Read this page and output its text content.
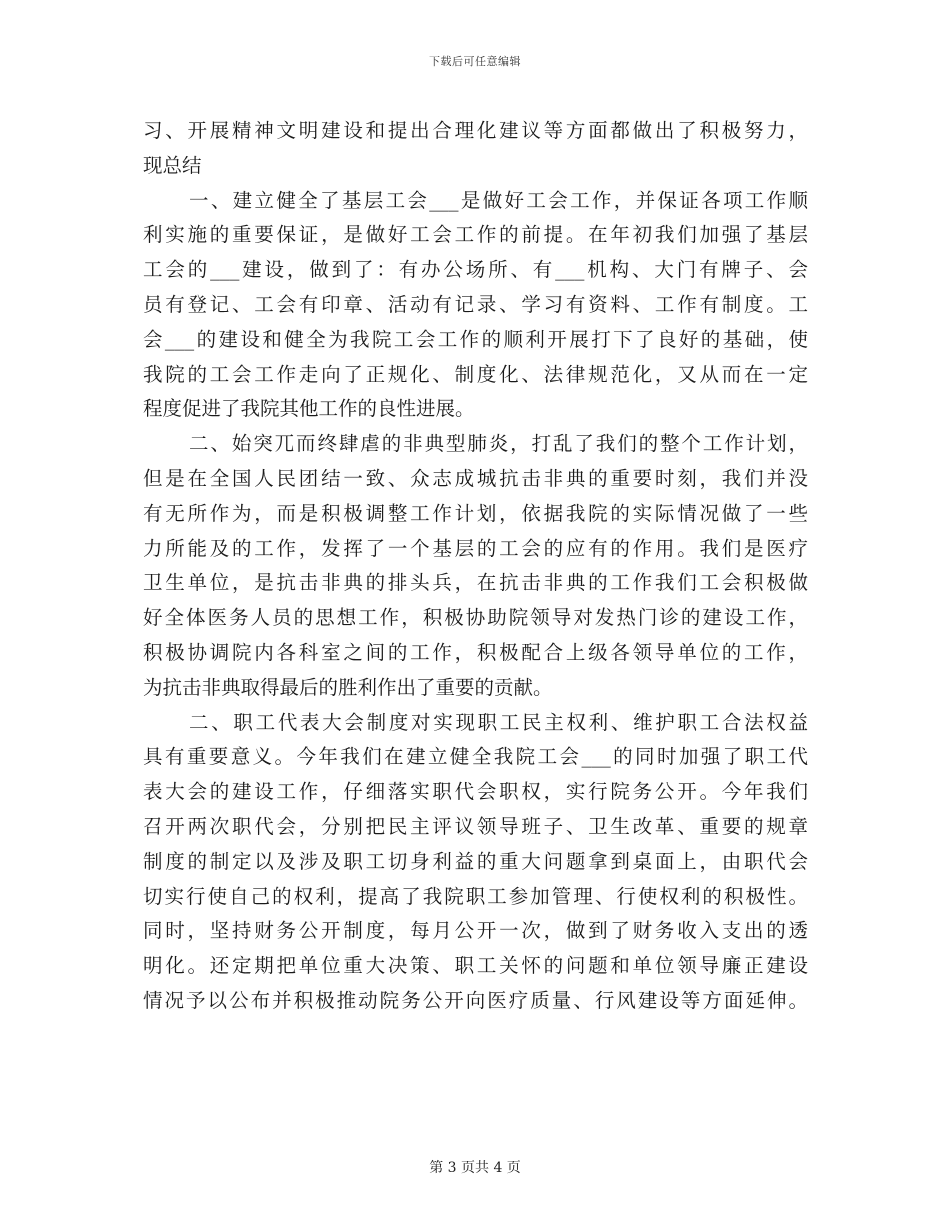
下载后可任意编辑
习、开展精神文明建设和提出合理化建议等方面都做出了积极努力，
现总结
一、建立健全了基层工会___是做好工会工作，并保证各项工作顺
利实施的重要保证，是做好工会工作的前提。在年初我们加强了基层
工会的___建设，做到了：有办公场所、有___机构、大门有牌子、会
员有登记、工会有印章、活动有记录、学习有资料、工作有制度。工
会___的建设和健全为我院工会工作的顺利开展打下了良好的基础，使
我院的工会工作走向了正规化、制度化、法律规范化，又从而在一定
程度促进了我院其他工作的良性进展。
二、始突兀而终肆虐的非典型肺炎，打乱了我们的整个工作计划，
但是在全国人民团结一致、众志成城抗击非典的重要时刻，我们并没
有无所作为，而是积极调整工作计划，依据我院的实际情况做了一些
力所能及的工作，发挥了一个基层的工会的应有的作用。我们是医疗
卫生单位，是抗击非典的排头兵，在抗击非典的工作我们工会积极做
好全体医务人员的思想工作，积极协助院领导对发热门诊的建设工作，
积极协调院内各科室之间的工作，积极配合上级各领导单位的工作，
为抗击非典取得最后的胜利作出了重要的贡献。
二、职工代表大会制度对实现职工民主权利、维护职工合法权益
具有重要意义。今年我们在建立健全我院工会___的同时加强了职工代
表大会的建设工作，仔细落实职代会职权，实行院务公开。今年我们
召开两次职代会，分别把民主评议领导班子、卫生改革、重要的规章
制度的制定以及涉及职工切身利益的重大问题拿到桌面上，由职代会
切实行使自己的权利，提高了我院职工参加管理、行使权利的积极性。
同时，坚持财务公开制度，每月公开一次，做到了财务收入支出的透
明化。还定期把单位重大决策、职工关怀的问题和单位领导廉正建设
情况予以公布并积极推动院务公开向医疗质量、行风建设等方面延伸。
第 3 页共 4 页
